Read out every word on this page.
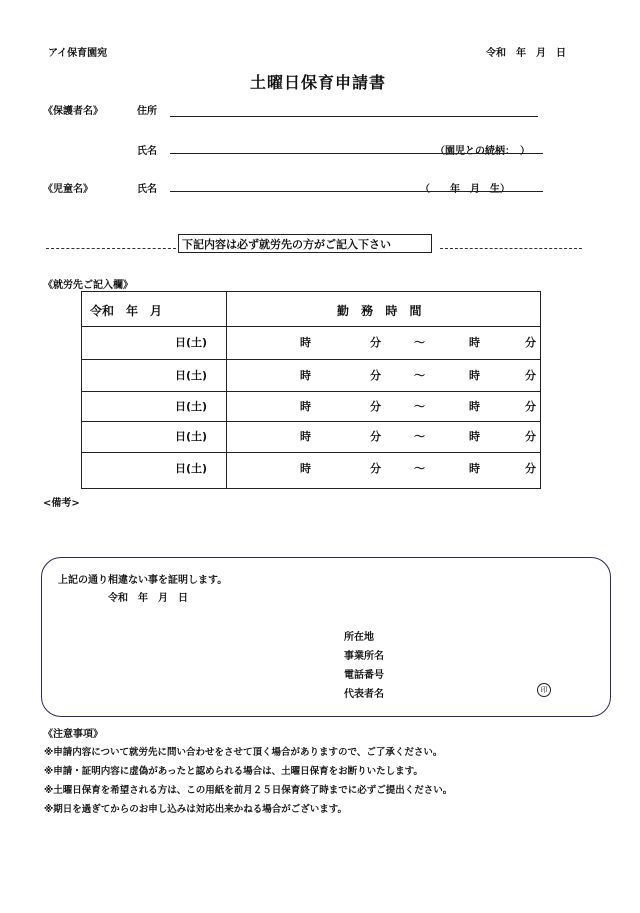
アイ保育園宛	令和　年　月　日
土曜日保育申請書
《保護者名》	住所
氏名	（園児との続柄：　）
《児童名》	氏名	（　　年　月　生）
下記内容は必ず就労先の方がご記入下さい
《就労先ご記入欄》
令和　年　月	勤 務 時 間
日(土)	時	分	〜	時	分
日(土)	時	分	〜	時	分
日(土)	時	分	〜	時	分
日(土)	時	分	〜	時	分
日(土)	時	分	〜	時	分
<備考>
上記の通り相違ない事を証明します。
令和　年　月　日
所在地
事業所名
電話番号
代表者名	印
《注意事項》
※申請内容について就労先に問い合わせをさせて頂く場合がありますので、ご了承ください。
※申請・証明内容に虚偽があったと認められる場合は、土曜日保育をお断りいたします。
※土曜日保育を希望される方は、この用紙を前月２５日保育終了時までに必ずご提出ください。
※期日を過ぎてからのお申し込みは対応出来かねる場合がございます。
